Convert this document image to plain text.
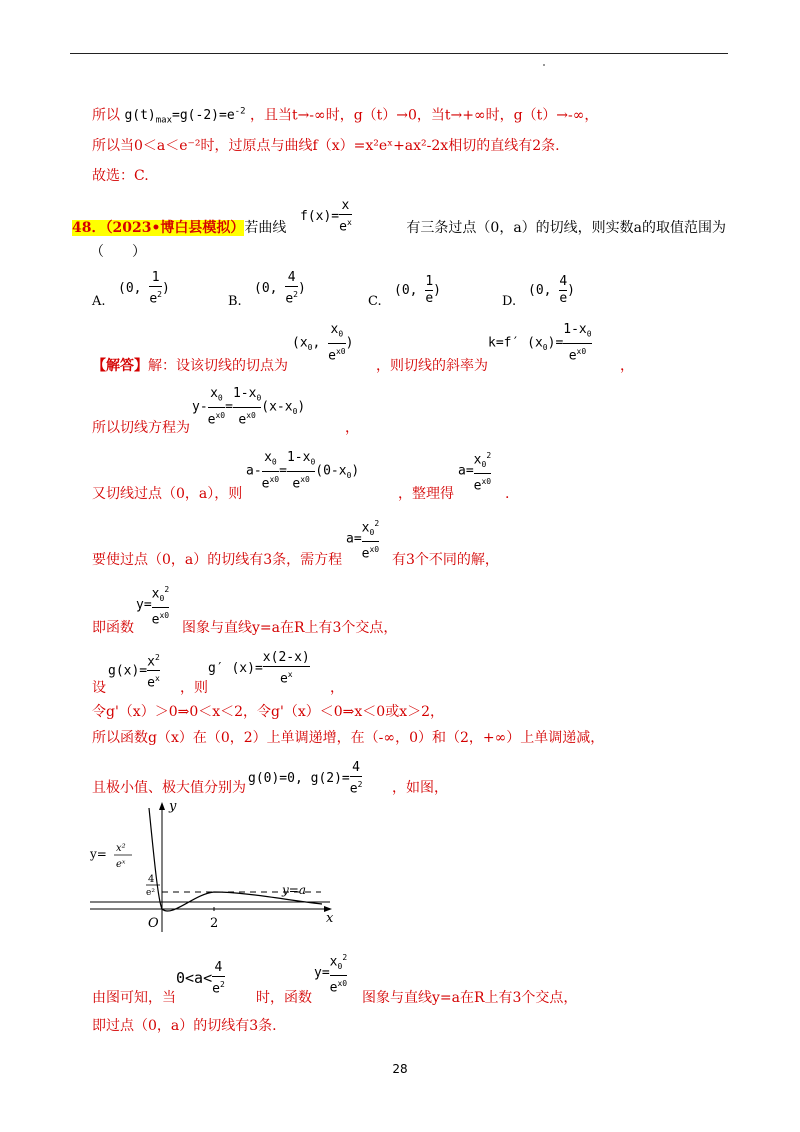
所以 $g(t)_{max}=g(-2)=e^{-2}$ ，且当t→-∞时，g（t）→0，当t→+∞时，g（t）→-∞，
所以当0＜a＜e⁻²时，过原点与曲线f（x）=x²eˣ+ax²-2x相切的直线有2条.
故选：C.
$f(x)= \frac{x}{e^x}$
48．（2023•博白县模拟）若曲线	有三条过点（0，a）的切线，则实数a的取值范围为
（　　）
A.
(0, $\frac{1}{e^2}$ )
B.
(0, $\frac{4}{e^2}$ )
C.
(0, $\frac{1}{e}$ )
D.
(0, $\frac{4}{e}$ )
($x_0$, $\frac{x_0}{e^{x0}}$ )	k=f′ $(x_0)= \frac{1-x_0}{e^{x0}}$
【解答】解：设该切线的切点为	，则切线的斜率为	，
$y- \frac{x_0}{e^{x0}} = \frac{1-x_0}{e^{x0}} (x-x_0)$
所以切线方程为	，
$a- \frac{x_0}{e^{x0}} = \frac{1-x_0}{e^{x0}} (0-x_0)$	$a= \frac{x_0^2}{e^{x0}}$
又切线过点（0，a），则	，整理得	.
$a= \frac{x_0^2}{e^{x0}}$
要使过点（0，a）的切线有3条，需方程	有3个不同的解，
$y= \frac{x_0^2}{e^{x0}}$
即函数	图象与直线y=a在R上有3个交点，
$g(x)= \frac{x^2}{e^x}$	g′ $(x)= \frac{x(2-x)}{e^x}$
设	，则	，
令g'（x）＞0⇒0＜x＜2，令g'（x）＜0⇒x＜0或x＞2，
所以函数g（x）在（0，2）上单调递增，在（-∞，0）和（2，+∞）上单调递减，
g(0)=0, $g(2)= \frac{4}{e^2}$
且极小值、极大值分别为	，如图，
y
x
O	2
y= x²
eˣ
4
e²	y=a
$0<a< \frac{4}{e^2}$	$y= \frac{x_0^2}{e^{x0}}$
由图可知，当	时，函数	图象与直线y=a在R上有3个交点，
即过点（0，a）的切线有3条.
28
